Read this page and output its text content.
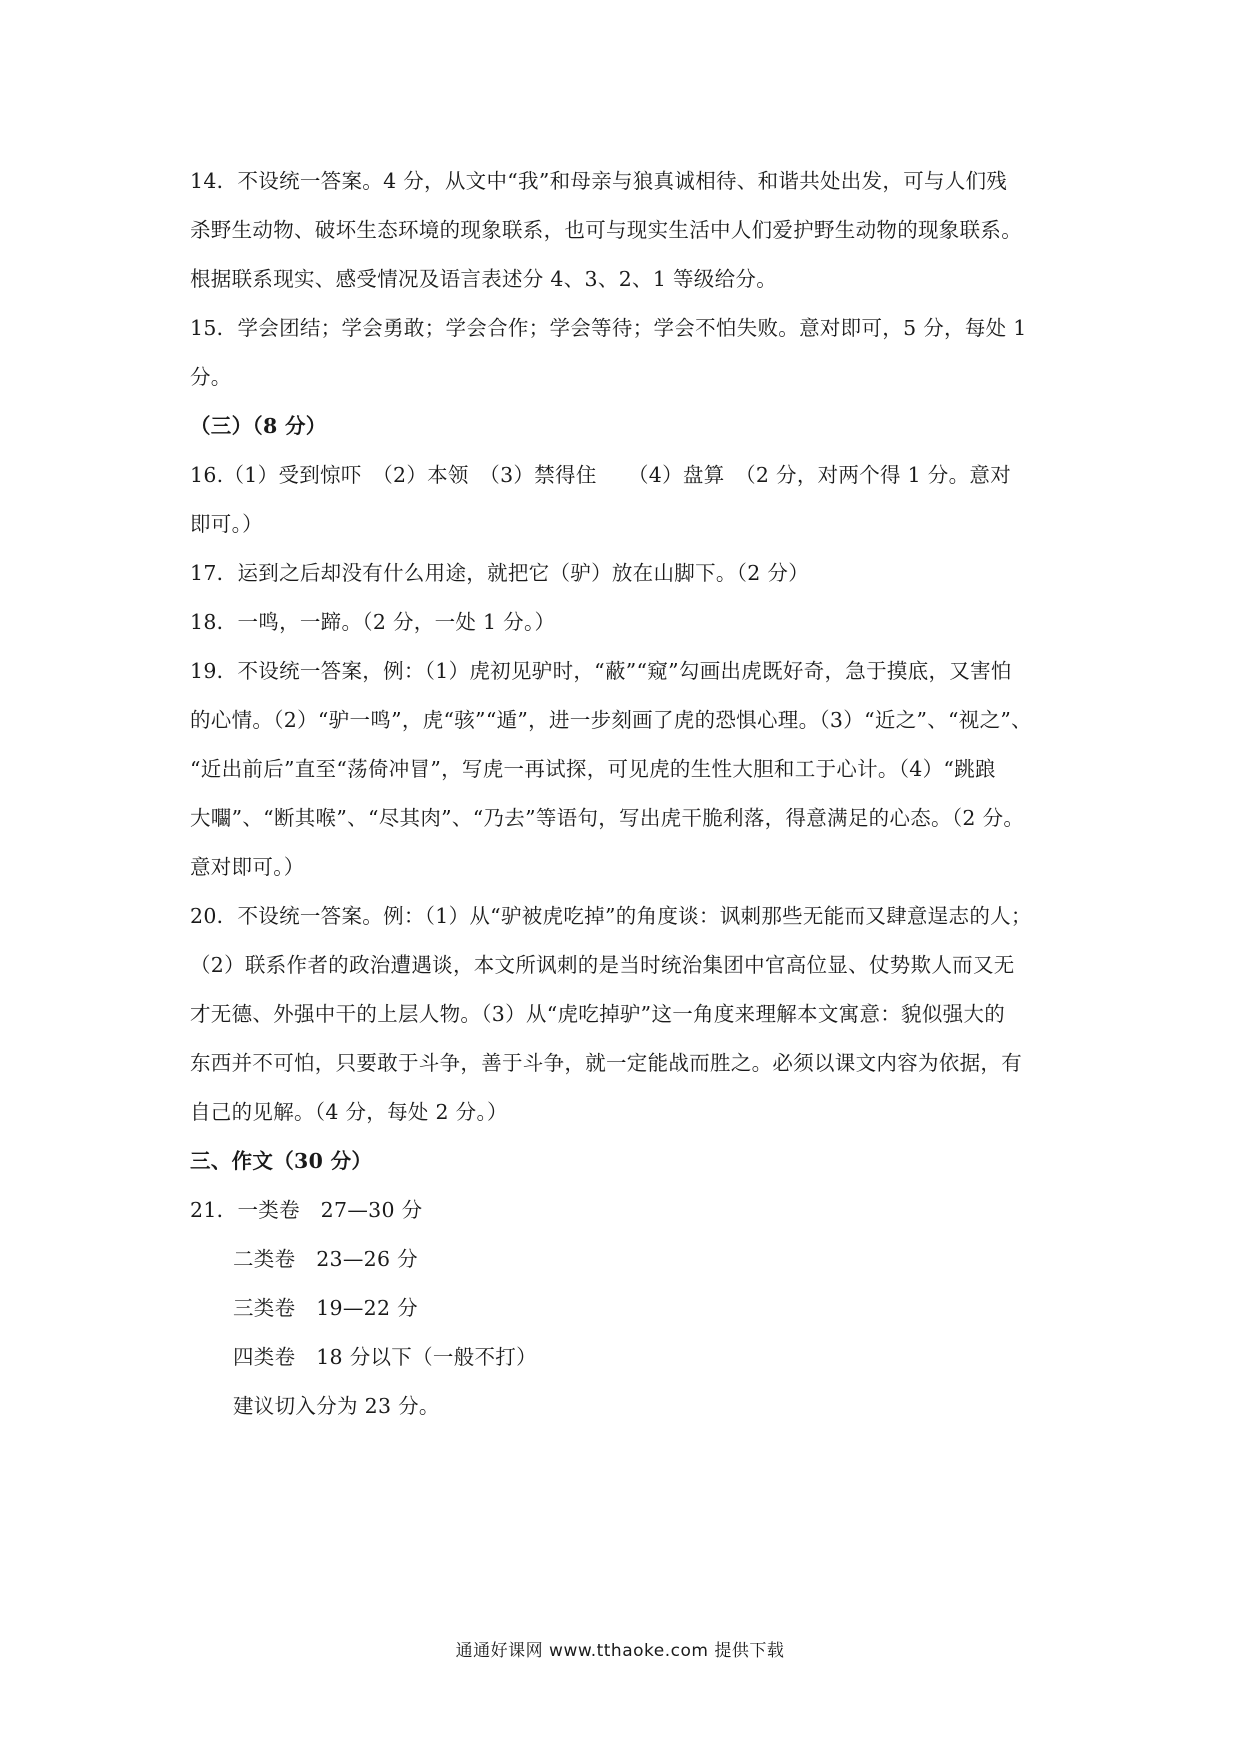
14．不设统一答案。4 分，从文中“我”和母亲与狼真诚相待、和谐共处出发，可与人们残
杀野生动物、破坏生态环境的现象联系，也可与现实生活中人们爱护野生动物的现象联系。
根据联系现实、感受情况及语言表述分 4、3、2、1 等级给分。
15．学会团结；学会勇敢；学会合作；学会等待；学会不怕失败。意对即可，5 分，每处 1
分。
（三）（8 分）
16.（1）受到惊吓　（2）本领　（3）禁得住　　（4）盘算　（2 分，对两个得 1 分。意对
即可。）
17．运到之后却没有什么用途，就把它（驴）放在山脚下。（2 分）
18．一鸣，一蹄。（2 分，一处 1 分。）
19．不设统一答案，例：（1）虎初见驴时，“蔽”“窥”勾画出虎既好奇，急于摸底，又害怕
的心情。（2）“驴一鸣”，虎“骇”“遁”，进一步刻画了虎的恐惧心理。（3）“近之”、“视之”、
“近出前后”直至“荡倚冲冒”，写虎一再试探，可见虎的生性大胆和工于心计。（4）“跳踉
大㘚”、“断其喉”、“尽其肉”、“乃去”等语句，写出虎干脆利落，得意满足的心态。（2 分。
意对即可。）
20．不设统一答案。例：（1）从“驴被虎吃掉”的角度谈：讽刺那些无能而又肆意逞志的人；
（2）联系作者的政治遭遇谈，本文所讽刺的是当时统治集团中官高位显、仗势欺人而又无
才无德、外强中干的上层人物。（3）从“虎吃掉驴”这一角度来理解本文寓意：貌似强大的
东西并不可怕，只要敢于斗争，善于斗争，就一定能战而胜之。必须以课文内容为依据，有
自己的见解。（4 分，每处 2 分。）
三、作文（30 分）
21．一类卷　27—30 分
二类卷　23—26 分
三类卷　19—22 分
四类卷　18 分以下（一般不打）
建议切入分为 23 分。
通通好课网 www.tthaoke.com 提供下载
